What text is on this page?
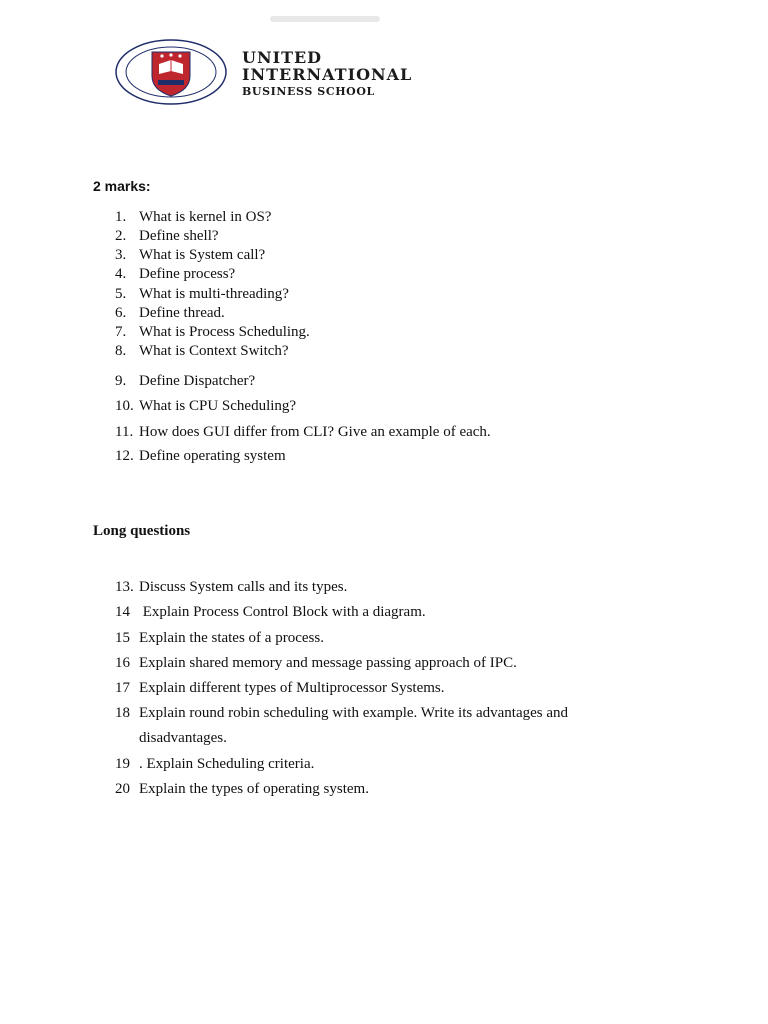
UNITED
INTERNATIONAL
BUSINESS SCHOOL
2 marks:
1. What is kernel in OS?
2. Define shell?
3. What is System call?
4. Define process?
5. What is multi-threading?
6. Define thread.
7. What is Process Scheduling.
8. What is Context Switch?
9. Define Dispatcher?
10. What is CPU Scheduling?
11. How does GUI differ from CLI? Give an example of each.
12. Define operating system
Long questions
13. Discuss System calls and its types.
14 Explain Process Control Block with a diagram.
15 Explain the states of a process.
16 Explain shared memory and message passing approach of IPC.
17 Explain different types of Multiprocessor Systems.
18 Explain round robin scheduling with example. Write its advantages and disadvantages.
19 . Explain Scheduling criteria.
20 Explain the types of operating system.
